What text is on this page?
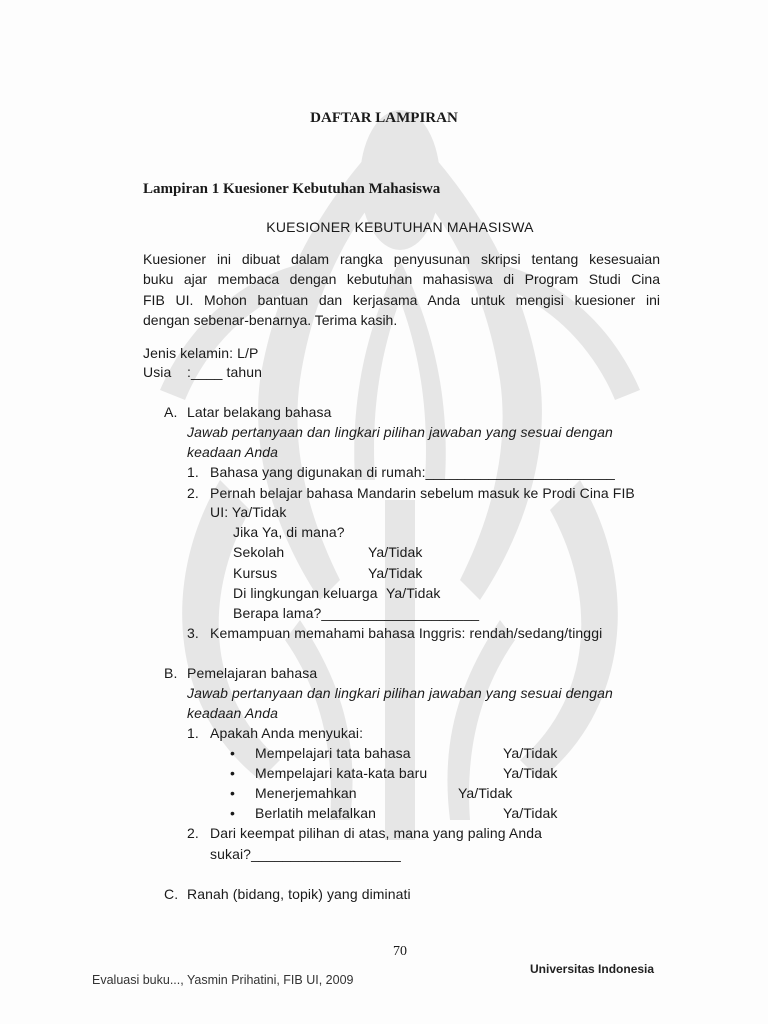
DAFTAR LAMPIRAN
Lampiran 1 Kuesioner Kebutuhan Mahasiswa
KUESIONER KEBUTUHAN MAHASISWA
Kuesioner ini dibuat dalam rangka penyusunan skripsi tentang kesesuaian
buku ajar membaca dengan kebutuhan mahasiswa di Program Studi Cina
FIB UI. Mohon bantuan dan kerjasama Anda untuk mengisi kuesioner ini
dengan sebenar-benarnya. Terima kasih.
Jenis kelamin: L/P
Usia :____ tahun
A. Latar belakang bahasa
Jawab pertanyaan dan lingkari pilihan jawaban yang sesuai dengan
keadaan Anda
1. Bahasa yang digunakan di rumah:________________________
2. Pernah belajar bahasa Mandarin sebelum masuk ke Prodi Cina FIB
UI: Ya/Tidak
Jika Ya, di mana?
Sekolah	Ya/Tidak
Kursus	Ya/Tidak
Di lingkungan keluarga Ya/Tidak
Berapa lama?____________________
3. Kemampuan memahami bahasa Inggris: rendah/sedang/tinggi
B. Pemelajaran bahasa
Jawab pertanyaan dan lingkari pilihan jawaban yang sesuai dengan
keadaan Anda
1. Apakah Anda menyukai:
• Mempelajari tata bahasa	Ya/Tidak
• Mempelajari kata-kata baru	Ya/Tidak
• Menerjemahkan	Ya/Tidak
• Berlatih melafalkan	Ya/Tidak
2. Dari keempat pilihan di atas, mana yang paling Anda
sukai?___________________
C. Ranah (bidang, topik) yang diminati
70
Evaluasi buku..., Yasmin Prihatini, FIB UI, 2009
Universitas Indonesia
